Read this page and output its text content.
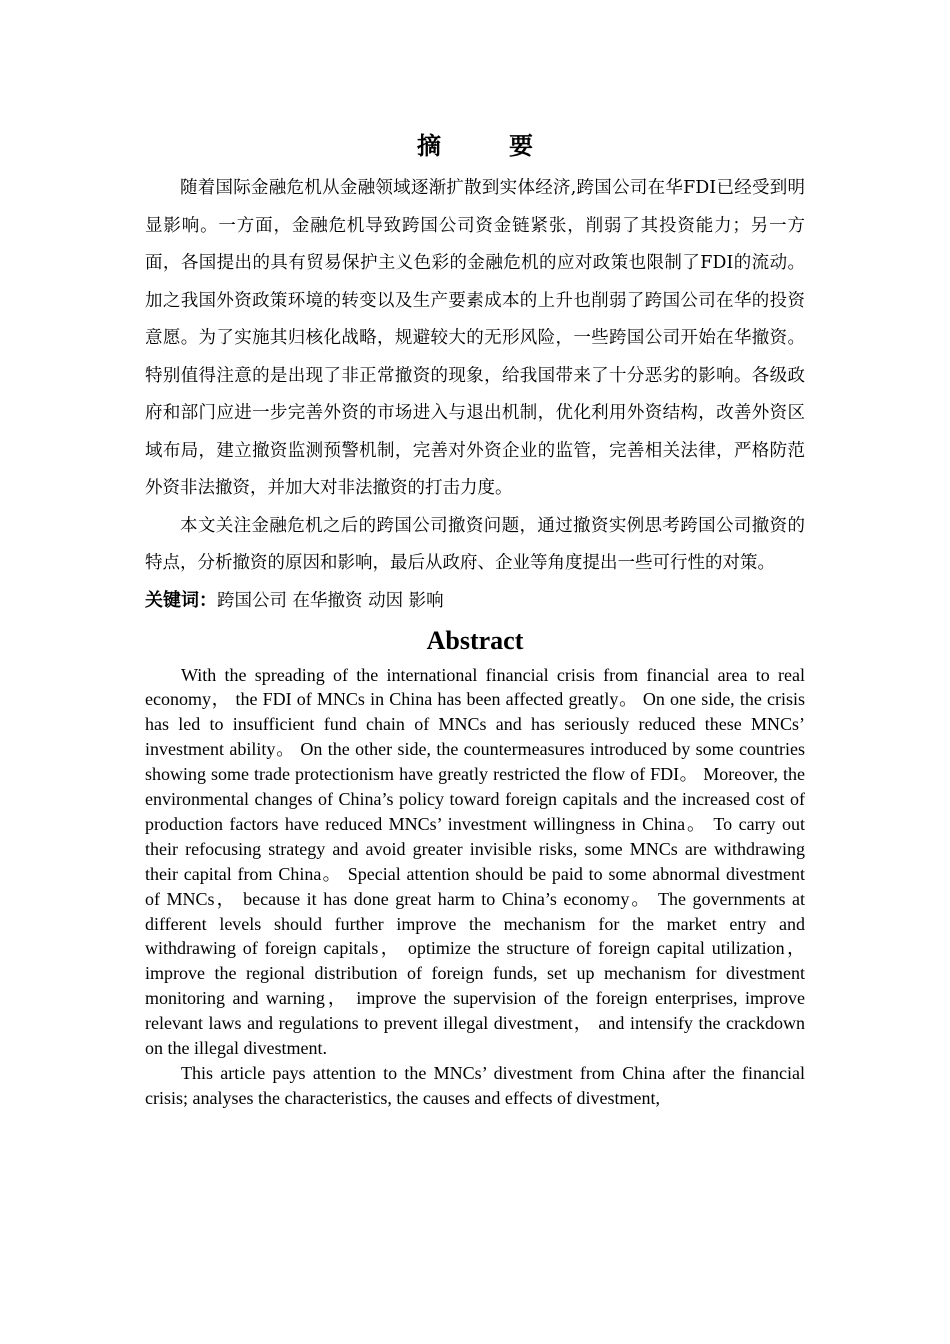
摘　要

随着国际金融危机从金融领域逐渐扩散到实体经济,跨国公司在华FDI已经受到明显影响。一方面，金融危机导致跨国公司资金链紧张，削弱了其投资能力；另一方面，各国提出的具有贸易保护主义色彩的金融危机的应对政策也限制了FDI的流动。加之我国外资政策环境的转变以及生产要素成本的上升也削弱了跨国公司在华的投资意愿。为了实施其归核化战略，规避较大的无形风险，一些跨国公司开始在华撤资。特别值得注意的是出现了非正常撤资的现象，给我国带来了十分恶劣的影响。各级政府和部门应进一步完善外资的市场进入与退出机制，优化利用外资结构，改善外资区域布局，建立撤资监测预警机制，完善对外资企业的监管，完善相关法律，严格防范外资非法撤资，并加大对非法撤资的打击力度。

本文关注金融危机之后的跨国公司撤资问题，通过撤资实例思考跨国公司撤资的特点，分析撤资的原因和影响，最后从政府、企业等角度提出一些可行性的对策。

关键词：跨国公司 在华撤资 动因 影响

Abstract

With the spreading of the international financial crisis from financial area to real economy， the FDI of MNCs in China has been affected greatly。 On one side, the crisis has led to insufficient fund chain of MNCs and has seriously reduced these MNCs’ investment ability。 On the other side, the countermeasures introduced by some countries showing some trade protectionism have greatly restricted the flow of FDI。 Moreover, the environmental changes of China’s policy toward foreign capitals and the increased cost of production factors have reduced MNCs’ investment willingness in China。 To carry out their refocusing strategy and avoid greater invisible risks, some MNCs are withdrawing their capital from China。 Special attention should be paid to some abnormal divestment of MNCs， because it has done great harm to China’s economy。 The governments at different levels should further improve the mechanism for the market entry and withdrawing of foreign capitals， optimize the structure of foreign capital utilization， improve the regional distribution of foreign funds, set up mechanism for divestment monitoring and warning， improve the supervision of the foreign enterprises, improve relevant laws and regulations to prevent illegal divestment， and intensify the crackdown on the illegal divestment.

This article pays attention to the MNCs’ divestment from China after the financial crisis; analyses the characteristics, the causes and effects of divestment,
